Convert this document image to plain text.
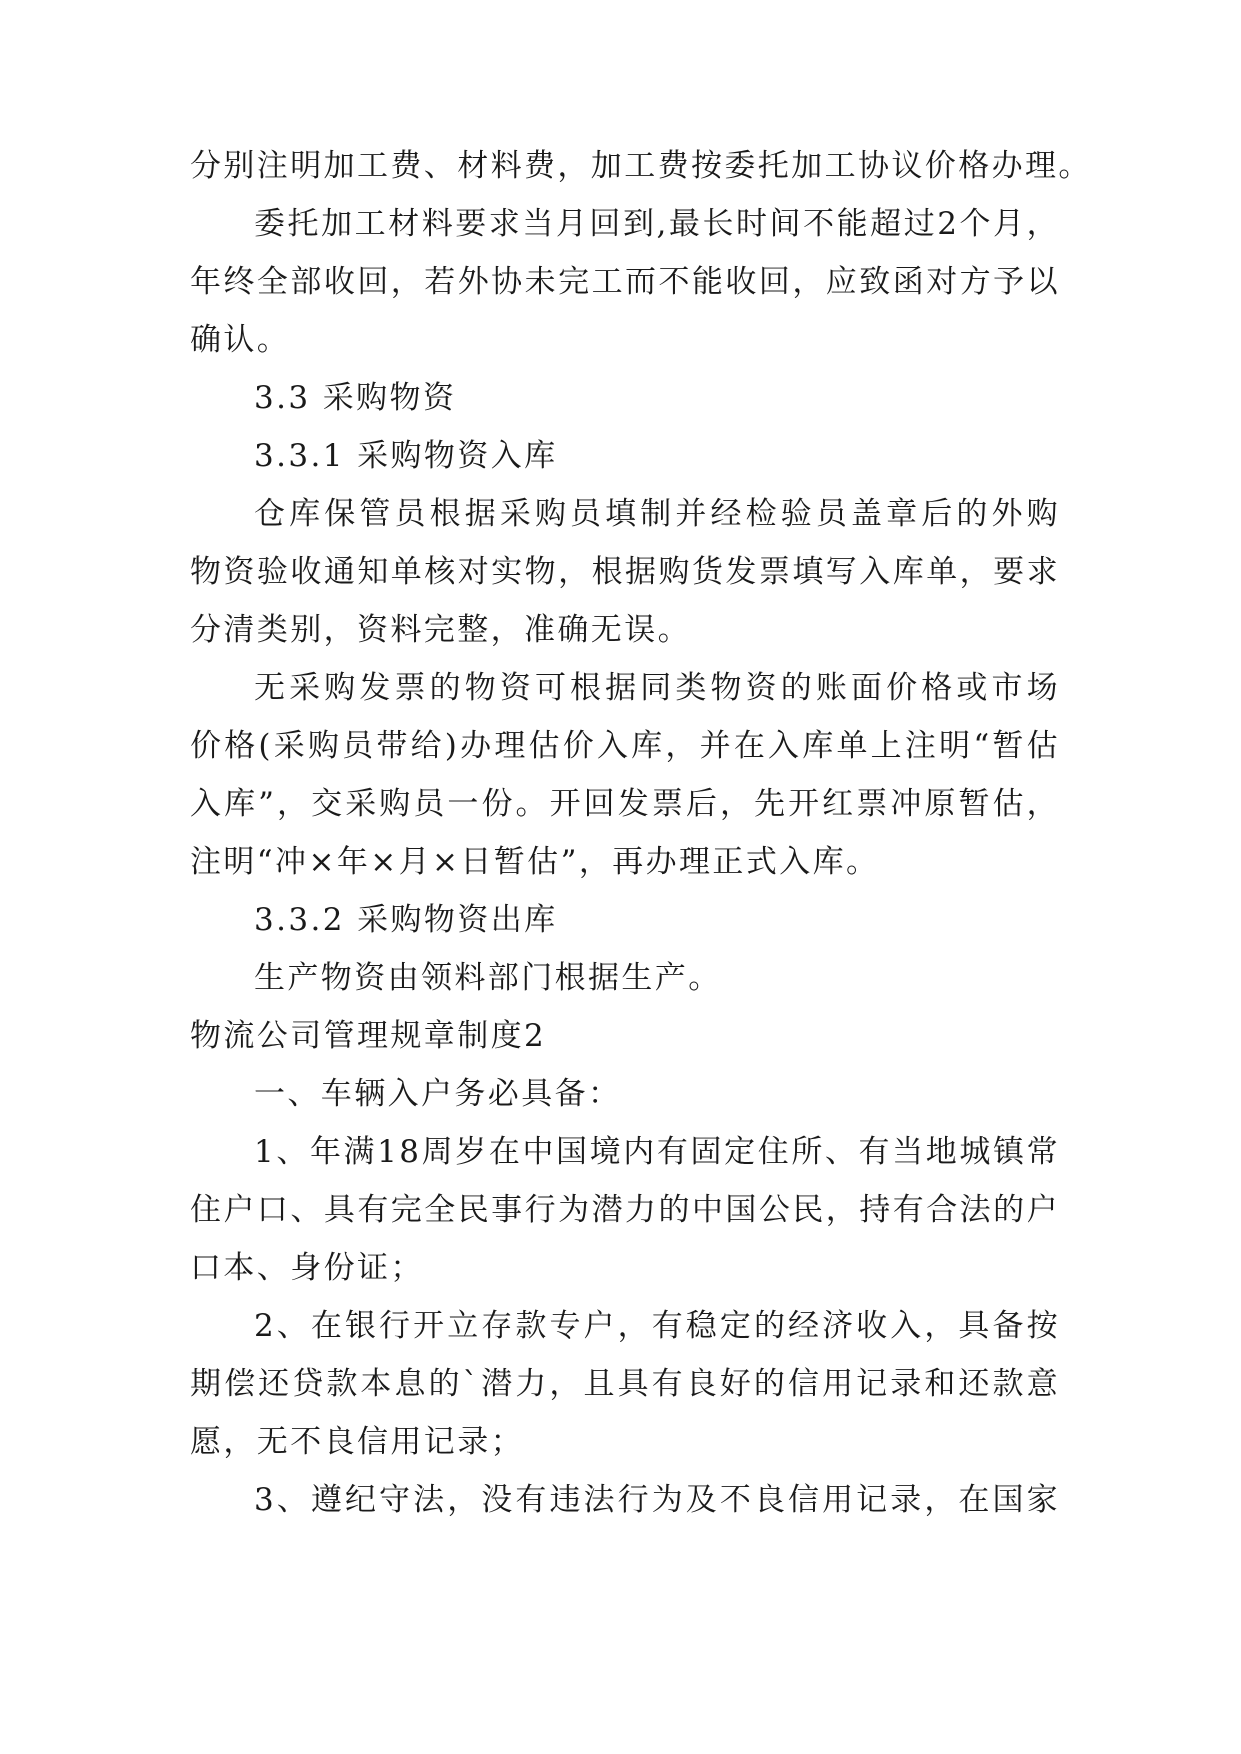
分别注明加工费、材料费，加工费按委托加工协议价格办理。
委托加工材料要求当月回到,最长时间不能超过2个月，
年终全部收回，若外协未完工而不能收回，应致函对方予以
确认。
3.3 采购物资
3.3.1 采购物资入库
仓库保管员根据采购员填制并经检验员盖章后的外购
物资验收通知单核对实物，根据购货发票填写入库单，要求
分清类别，资料完整，准确无误。
无采购发票的物资可根据同类物资的账面价格或市场
价格(采购员带给)办理估价入库，并在入库单上注明“暂估
入库”，交采购员一份。开回发票后，先开红票冲原暂估，
注明“冲×年×月×日暂估”，再办理正式入库。
3.3.2 采购物资出库
生产物资由领料部门根据生产。
物流公司管理规章制度2
一、车辆入户务必具备：
1、年满18周岁在中国境内有固定住所、有当地城镇常
住户口、具有完全民事行为潜力的中国公民，持有合法的户
口本、身份证；
2、在银行开立存款专户，有稳定的经济收入，具备按
期偿还贷款本息的`潜力，且具有良好的信用记录和还款意
愿，无不良信用记录；
3、遵纪守法，没有违法行为及不良信用记录，在国家
